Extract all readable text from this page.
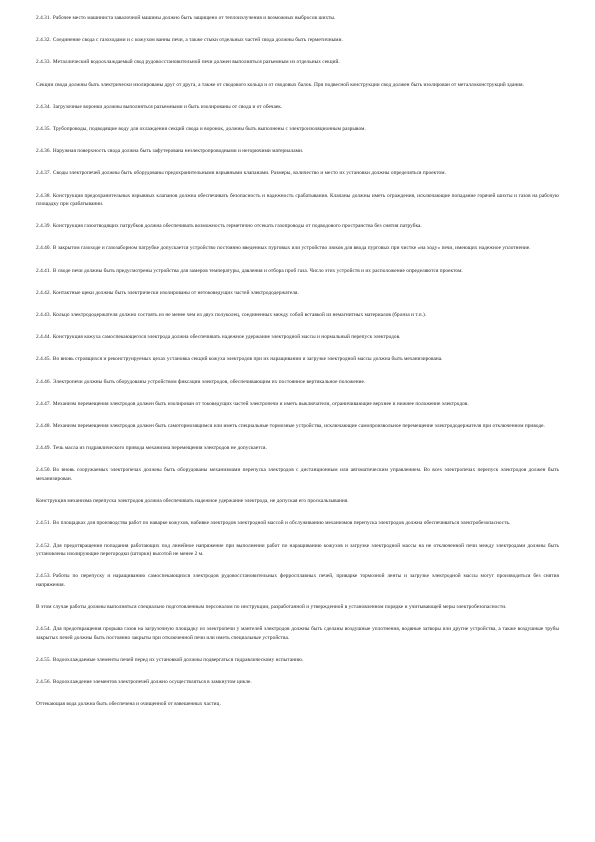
2.4.31. Рабочее место машиниста завалочной машины должно быть защищено от теплоизлучения и возможных выбросов шихты.

2.4.32. Соединение свода с газоходами и с кожухом ванны печи, а также стыки отдельных частей свода должны быть герметичными.

2.4.33. Металлический водоохлаждаемый свод рудовосстановительной печи должен выполняться разъемным из отдельных секций.

Секции свода должны быть электрически изолированы друг от друга, а также от сводового кольца и от сводовых балок. При подвесной конструкции свод должен быть изолирован от металлоконструкций здания.

2.4.34. Загрузочные воронки должны выполняться разъемными и быть изолированы от свода и от обечаек.

2.4.35. Трубопроводы, подводящие воду для охлаждения секций свода и воронок, должны быть выполнены с электроизоляционным разрывом.

2.4.36. Наружная поверхность свода должна быть зафутерована неэлектропроводными и негорючими материалами.

2.4.37. Своды электропечей должны быть оборудованы предохранительными взрывными клапанами. Размеры, количество и место их установки должны определяться проектом.

2.4.38. Конструкция предохранительных взрывных клапанов должна обеспечивать безопасность и надежность срабатывания. Клапаны должны иметь ограждения, исключающие попадание горячей шихты и газов на рабочую площадку при срабатывании.

2.4.39. Конструкция газоотводящих патрубков должна обеспечивать возможность герметично отсекать газопроводы от подводового пространства без снятия патрубка.

2.4.40. В закрытом газоходе и газозаборном патрубке допускается устройство постоянно введенных пурговых или устройство люков для ввода пурговых при чистке «на ходу» печи, имеющих надежное уплотнение.

2.4.41. В своде печи должны быть предусмотрены устройства для замеров температуры, давления и отбора проб газа. Число этих устройств и их расположение определяются проектом.

2.4.42. Контактные щеки должны быть электрически изолированы от нетоковедущих частей электрододержателя.

2.4.43. Кольцо электрододержателя должно состоять из не менее чем из двух полуколец, соединенных между собой вставкой из немагнитных материалов (бронза и т.п.).

2.4.44. Конструкция кожуха самоспекающегося электрода должна обеспечивать надежное удержание электродной массы и нормальный перепуск электродов.

2.4.45. Во вновь строящихся и реконструируемых цехах установка секций кожуха электродов при их наращивании и загрузке электродной массы должна быть механизирована.

2.4.46. Электропечи должны быть оборудованы устройством фиксации электродов, обеспечивающим их постоянное вертикальное положение.

2.4.47. Механизм перемещения электродов должен быть изолирован от токоведущих частей электропечи и иметь выключатели, ограничивающие верхнее и нижнее положение электродов.

2.4.48. Механизм перемещения электродов должен быть самотормозящимся или иметь специальные тормозные устройства, исключающие самопроизвольное перемещение электрододержателя при отключенном приводе.

2.4.49. Течь масла из гидравлического привода механизма перемещения электродов не допускается.

2.4.50. Во вновь сооружаемых электропечах должны быть оборудованы механизмами перепуска электродов с дистанционным или автоматическим управлением. Во всех электропечах перепуск электродов должен быть механизирован.

Конструкция механизма перепуска электродов должна обеспечивать надежное удержание электрода, не допуская его проскальзывания.

2.4.51. Во площадках для производства работ по наварке кожухов, набивке электродов электродной массой и обслуживанию механизмов перепуска электродов должна обеспечиваться электробезопасность.

2.4.52. Для предотвращения попадания работающих под линейное напряжение при выполнении работ по наращиванию кожухов и загрузке электродной массы на не отключенной печи между электродами должны быть установлены изолирующие перегородки (шторки) высотой не менее 2 м.

2.4.53. Работы по перепуску и наращиванию самоспекающихся электродов рудовосстановительных ферросплавных печей, приварке тормозной ленты и загрузке электродной массы могут производиться без снятия напряжения.

В этом случае работы должны выполняться специально подготовленным персоналом по инструкции, разработанной и утвержденной в установленном порядке и учитывающей меры электробезопасности.

2.4.54. Для предотвращения прорыва газов на загрузочную площадку из электропечи у мантелей электродов должны быть сделаны воздушные уплотнения, водяные затворы или другие устройства, а также воздушные трубы закрытых печей должны быть постоянно закрыты при отключенной печи или иметь специальные устройства.

2.4.55. Водоохлаждаемые элементы печей перед их установкой должны подвергаться гидравлическому испытанию.

2.4.56. Водоохлаждение элементов электропечей должно осуществляться в замкнутом цикле.

Оттекающая вода должна быть обеспечена и очищенной от взвешенных частиц.
